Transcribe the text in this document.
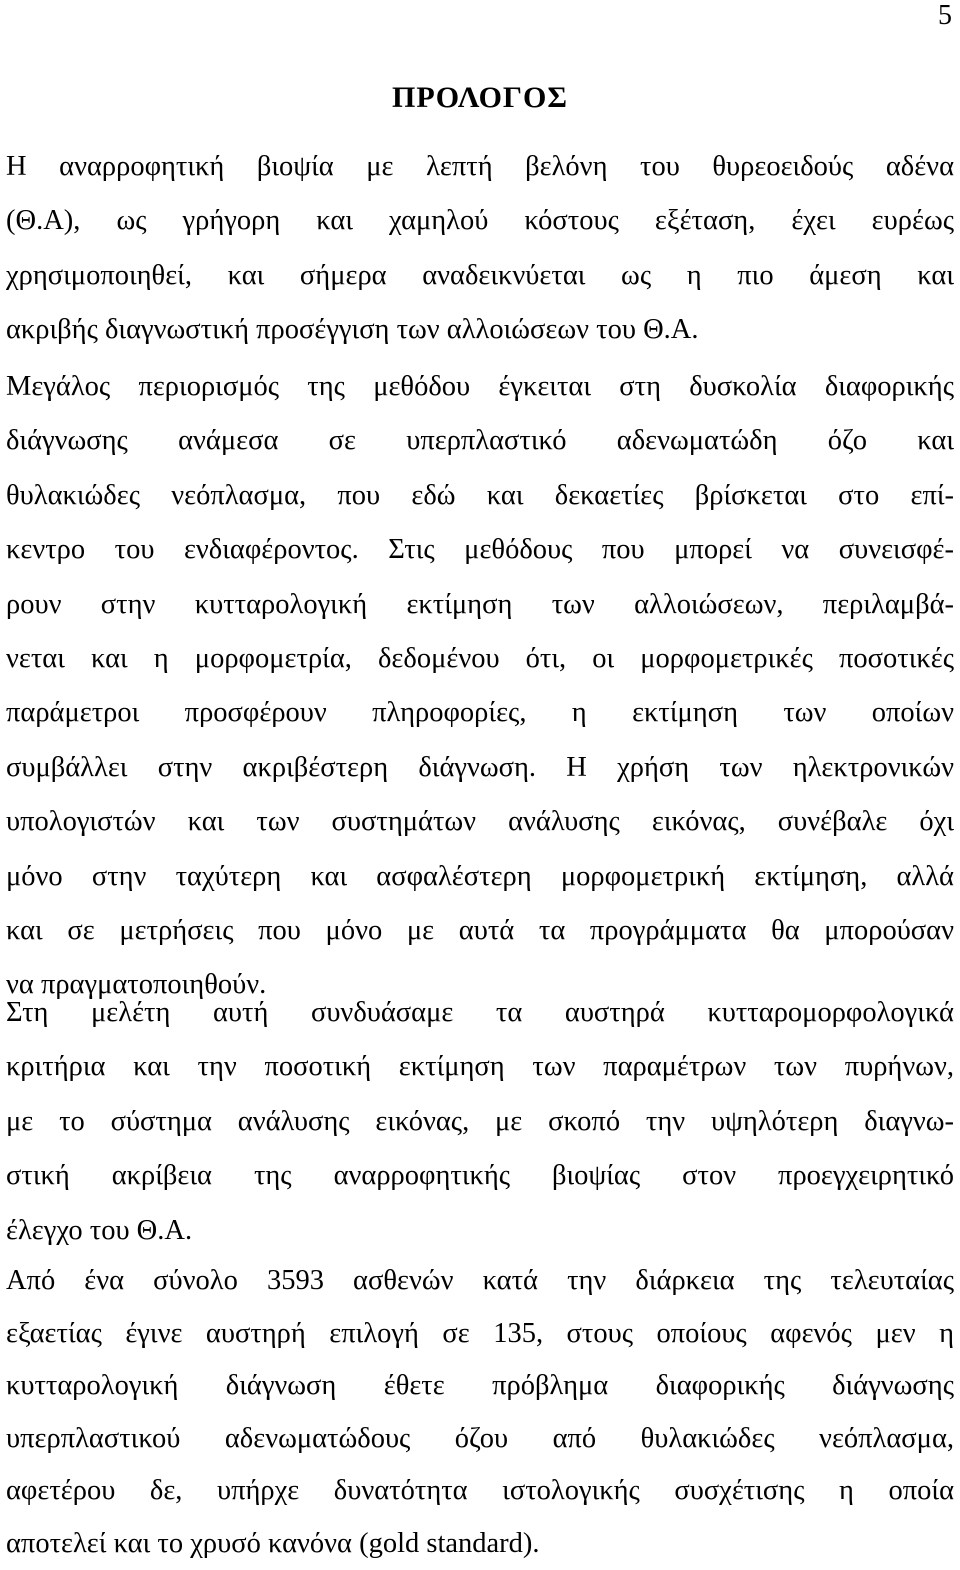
5
ΠΡΟΛΟΓΟΣ
Η αναρροφητική βιοψία με λεπτή βελόνη του θυρεοειδούς αδένα
(Θ.Α), ως γρήγορη και χαμηλού κόστους εξέταση, έχει ευρέως
χρησιμοποιηθεί, και σήμερα αναδεικνύεται ως η πιο άμεση και
ακριβής διαγνωστική προσέγγιση των αλλοιώσεων του Θ.Α.
Μεγάλος περιορισμός της μεθόδου έγκειται στη δυσκολία διαφορικής
διάγνωσης ανάμεσα σε υπερπλαστικό αδενωματώδη όζο και
θυλακιώδες νεόπλασμα, που εδώ και δεκαετίες βρίσκεται στο επί-
κεντρο του ενδιαφέροντος. Στις μεθόδους που μπορεί να συνεισφέ-
ρουν στην κυτταρολογική εκτίμηση των αλλοιώσεων, περιλαμβά-
νεται και η μορφομετρία, δεδομένου ότι, οι μορφομετρικές ποσοτικές
παράμετροι προσφέρουν πληροφορίες, η εκτίμηση των οποίων
συμβάλλει στην ακριβέστερη διάγνωση. Η χρήση των ηλεκτρονικών
υπολογιστών και των συστημάτων ανάλυσης εικόνας, συνέβαλε όχι
μόνο στην ταχύτερη και ασφαλέστερη μορφομετρική εκτίμηση, αλλά
και σε μετρήσεις που μόνο με αυτά τα προγράμματα θα μπορούσαν
να πραγματοποιηθούν.
Στη μελέτη αυτή συνδυάσαμε τα αυστηρά κυτταρομορφολογικά
κριτήρια και την ποσοτική εκτίμηση των παραμέτρων των πυρήνων,
με το σύστημα ανάλυσης εικόνας, με σκοπό την υψηλότερη διαγνω-
στική ακρίβεια της αναρροφητικής βιοψίας στον προεγχειρητικό
έλεγχο του Θ.Α.
Από ένα σύνολο 3593 ασθενών κατά την διάρκεια της τελευταίας
εξαετίας έγινε αυστηρή επιλογή σε 135, στους οποίους αφενός μεν η
κυτταρολογική διάγνωση έθετε πρόβλημα διαφορικής διάγνωσης
υπερπλαστικού αδενωματώδους όζου από θυλακιώδες νεόπλασμα,
αφετέρου δε, υπήρχε δυνατότητα ιστολογικής συσχέτισης η οποία
αποτελεί και το χρυσό κανόνα (gold standard).
